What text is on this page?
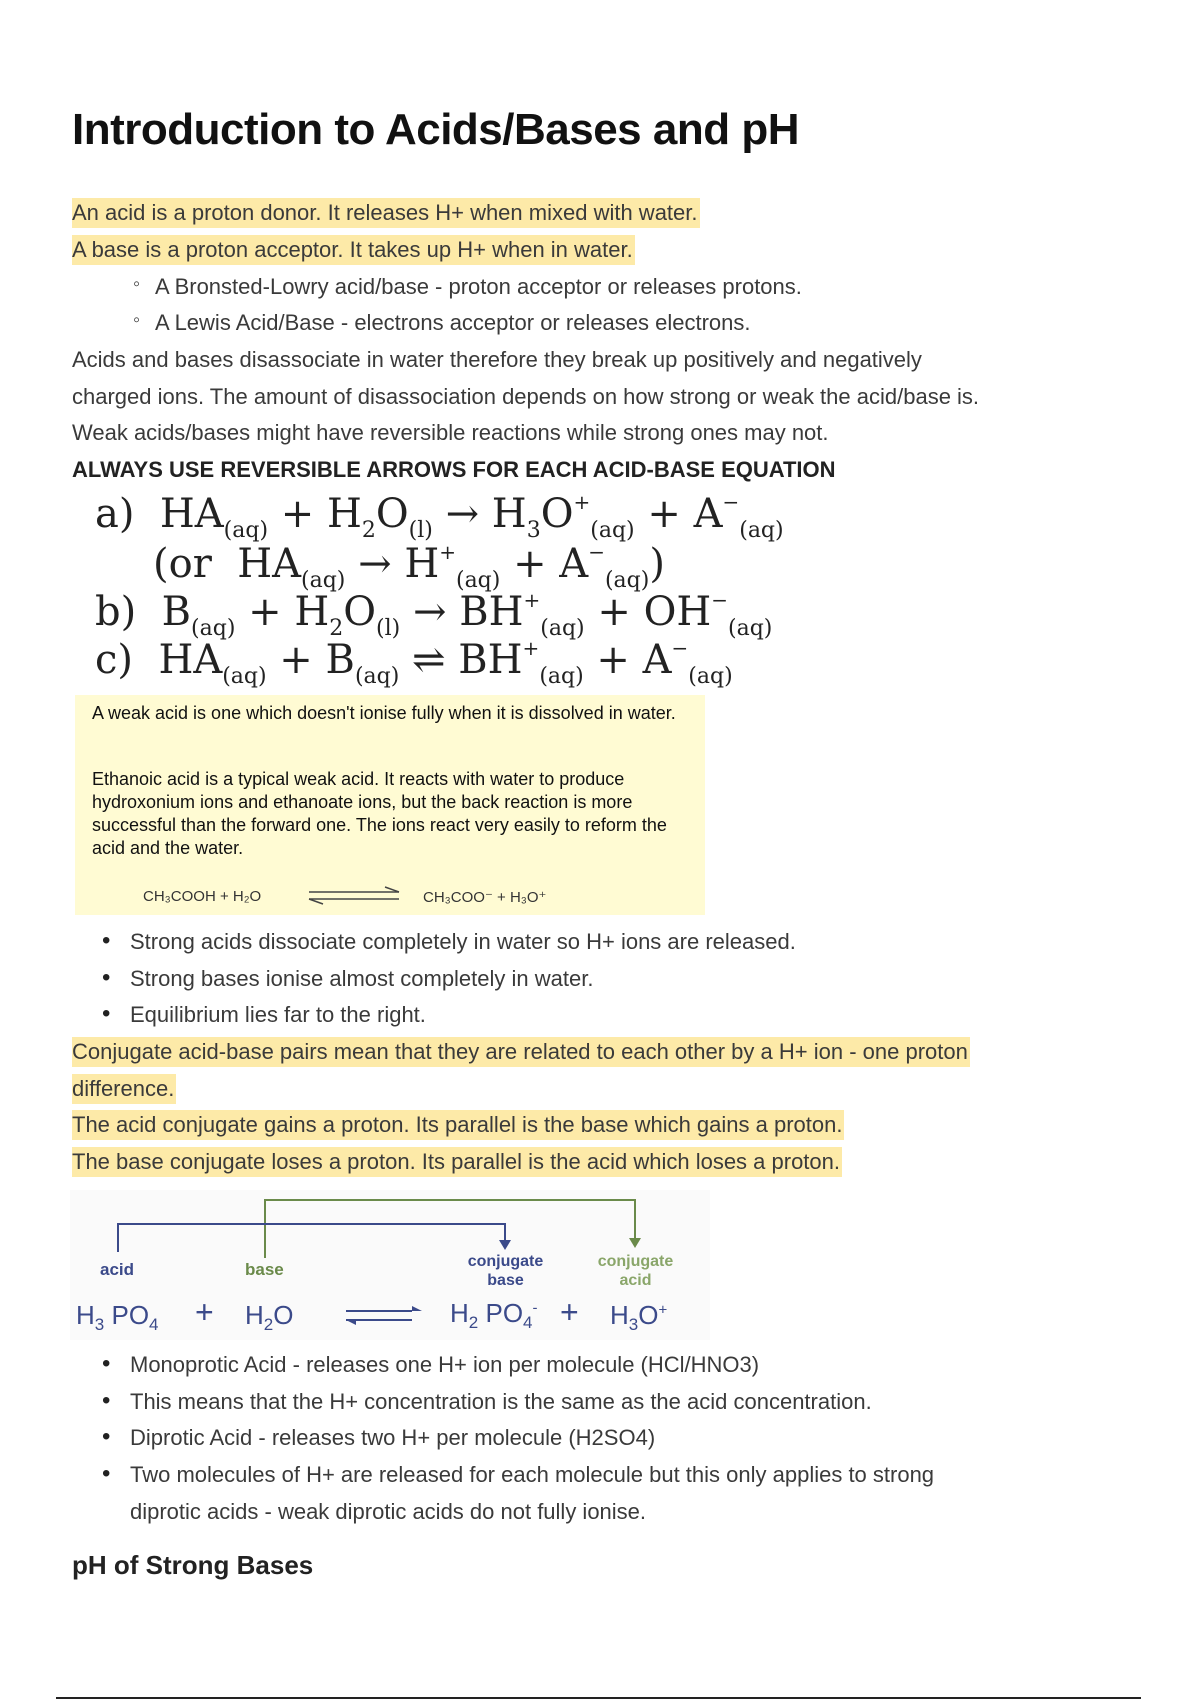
Introduction to Acids/Bases and pH
An acid is a proton donor. It releases H+ when mixed with water.
A base is a proton acceptor. It takes up H+ when in water.
◦ A Bronsted-Lowry acid/base - proton acceptor or releases protons.
◦ A Lewis Acid/Base - electrons acceptor or releases electrons.
Acids and bases disassociate in water therefore they break up positively and negatively
charged ions. The amount of disassociation depends on how strong or weak the acid/base is.
Weak acids/bases might have reversible reactions while strong ones may not.
ALWAYS USE REVERSIBLE ARROWS FOR EACH ACID-BASE EQUATION
a)  $HA_{(aq)} + H_2O_{(l)} \to H_3O^+_{(aq)} + A^-_{(aq)}$
(or  $HA_{(aq)} \to H^+_{(aq)} + A^-_{(aq)}$)
b)  $B_{(aq)} + H_2O_{(l)} \to BH^+_{(aq)} + OH^-_{(aq)}$
c)  $HA_{(aq)} + B_{(aq)}$ ⇌ $BH^+_{(aq)} + A^-_{(aq)}$

A weak acid is one which doesn't ionise fully when it is dissolved in water.

Ethanoic acid is a typical weak acid. It reacts with water to produce hydroxonium ions and ethanoate ions, but the back reaction is more successful than the forward one. The ions react very easily to reform the acid and the water.

CH₃COOH + H₂O	CH₃COO⁻ + H₃O⁺
• Strong acids dissociate completely in water so H+ ions are released.
• Strong bases ionise almost completely in water.
• Equilibrium lies far to the right.
Conjugate acid-base pairs mean that they are related to each other by a H+ ion - one proton
difference.
The acid conjugate gains a proton. Its parallel is the base which gains a proton.
The base conjugate loses a proton. Its parallel is the acid which loses a proton.
acid	base	conjugate
base
conjugate
acid
$H_3$ $PO_4 + H_2O$	$H_2$ $PO_4^- + H_3O^+$
• Monoprotic Acid - releases one H+ ion per molecule (HCl/HNO3)
• This means that the H+ concentration is the same as the acid concentration.
• Diprotic Acid - releases two H+ per molecule (H2SO4)
• Two molecules of H+ are released for each molecule but this only applies to strong
diprotic acids - weak diprotic acids do not fully ionise.
pH of Strong Bases
